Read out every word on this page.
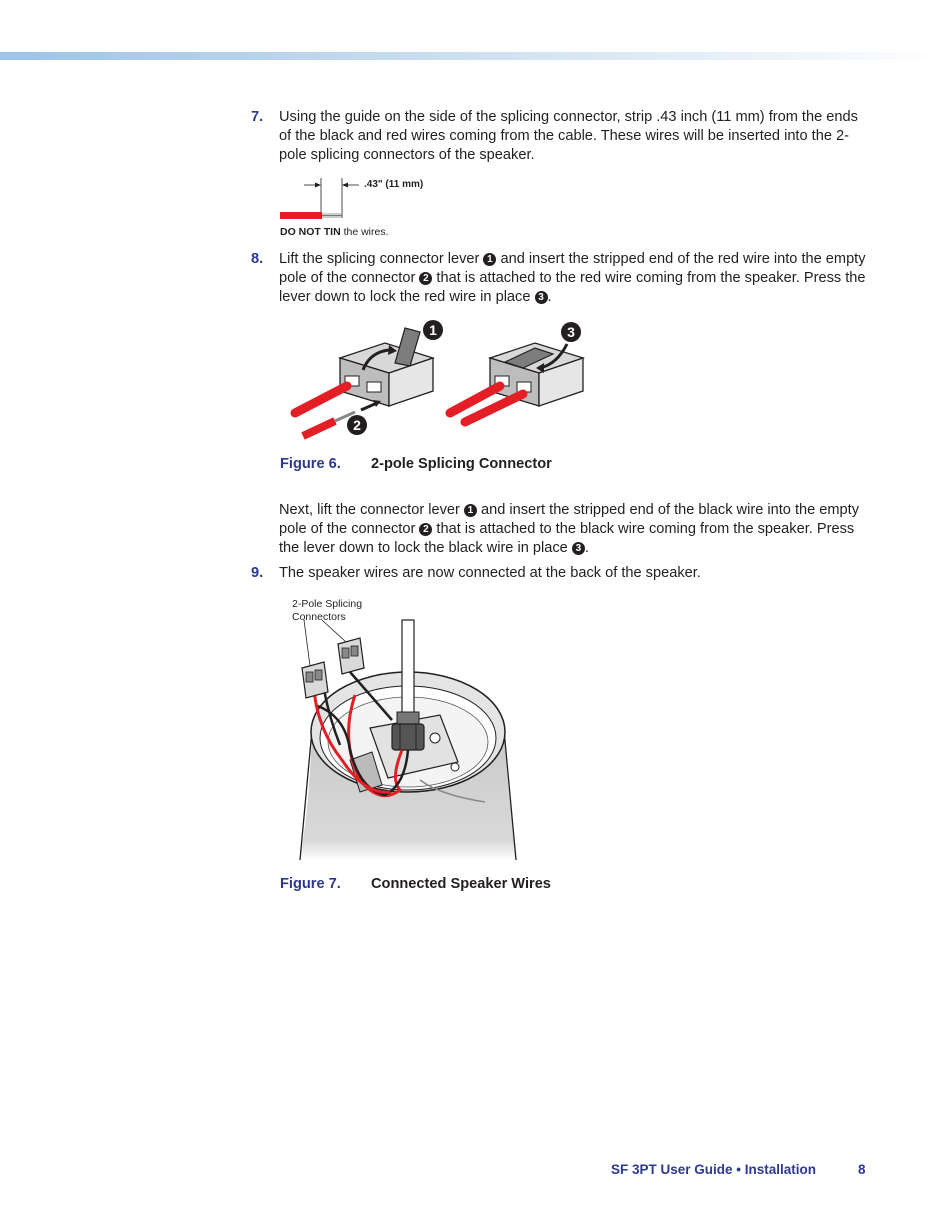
7. Using the guide on the side of the splicing connector, strip .43 inch (11 mm) from the ends of the black and red wires coming from the cable. These wires will be inserted into the 2-pole splicing connectors of the speaker.
.43" (11 mm)
DO NOT TIN the wires.
8. Lift the splicing connector lever 1 and insert the stripped end of the red wire into the empty pole of the connector 2 that is attached to the red wire coming from the speaker. Press the lever down to lock the red wire in place 3 .
1
2
3
Figure 6. 2-pole Splicing Connector
Next, lift the connector lever 1 and insert the stripped end of the black wire into the empty pole of the connector 2 that is attached to the black wire coming from the speaker. Press the lever down to lock the black wire in place 3 .
9. The speaker wires are now connected at the back of the speaker.
2-Pole Splicing
Connectors
Figure 7. Connected Speaker Wires
SF 3PT User Guide • Installation	8
